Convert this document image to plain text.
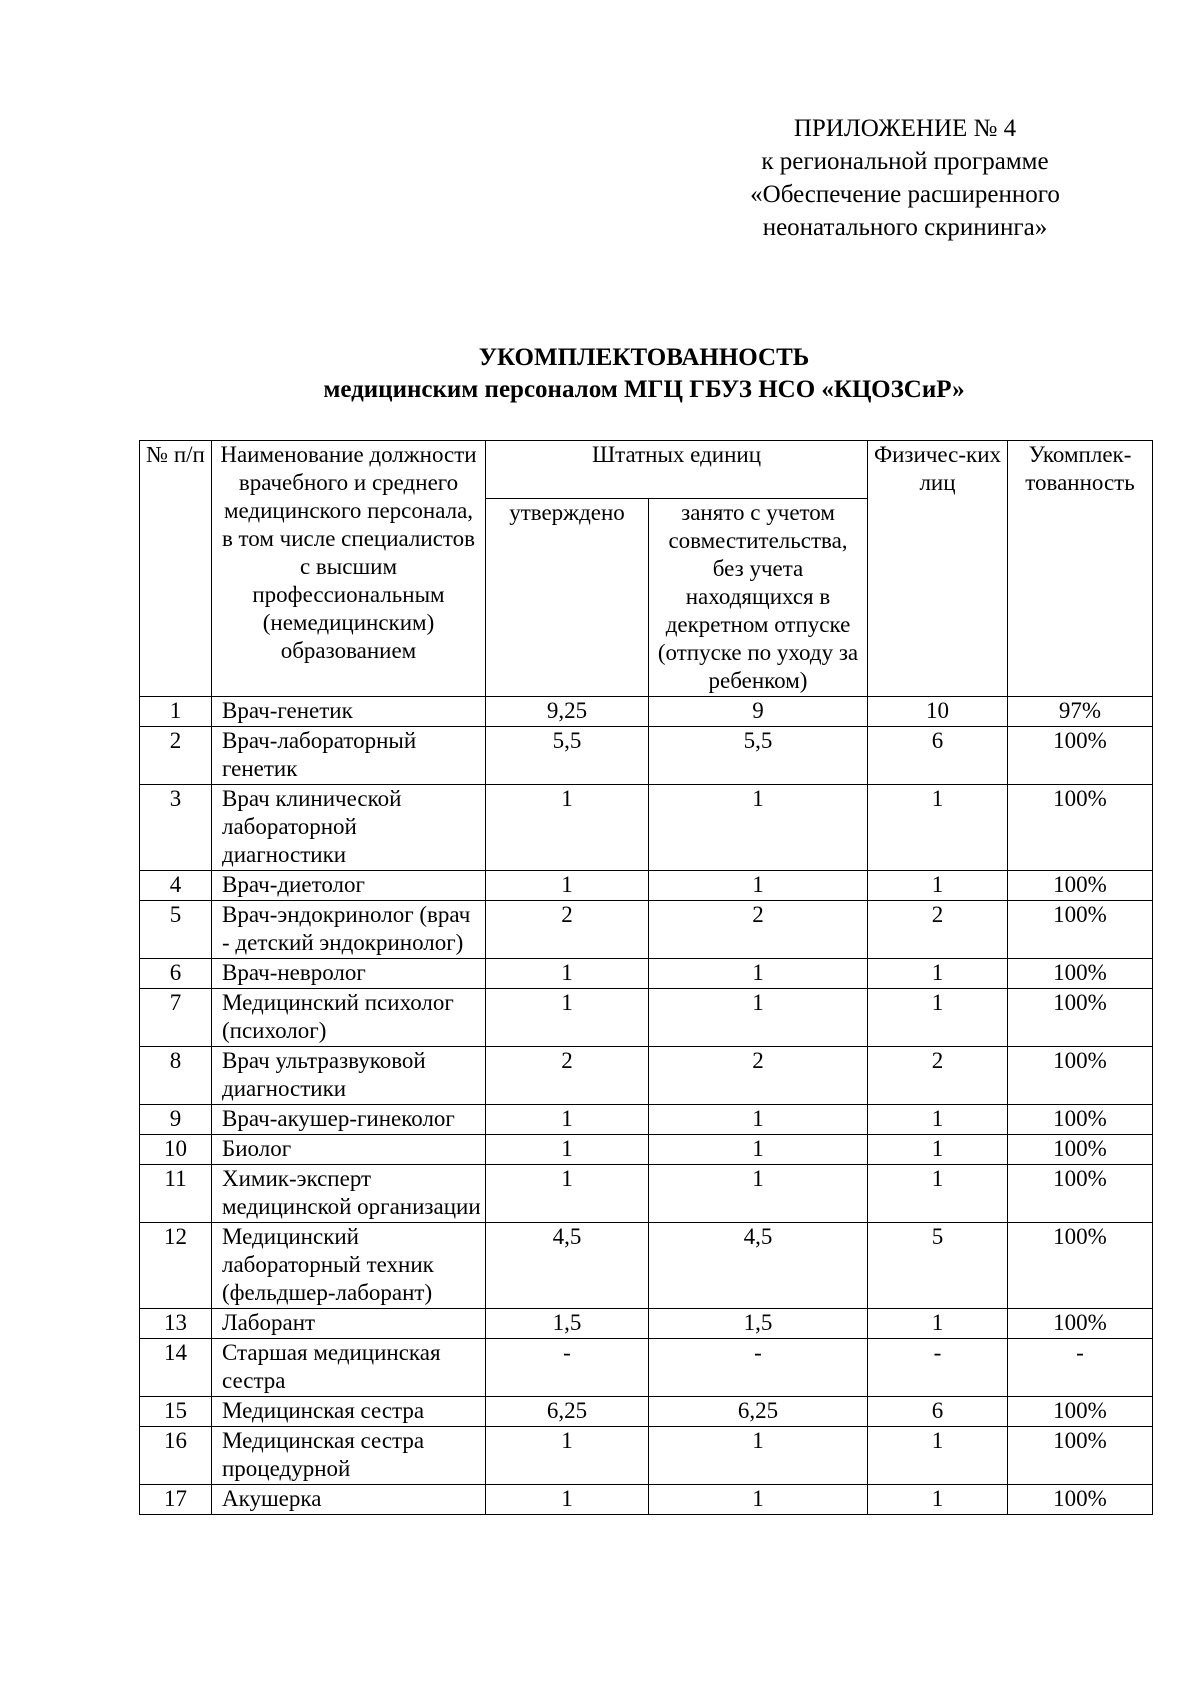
ПРИЛОЖЕНИЕ № 4
к региональной программе
«Обеспечение расширенного
неонатального скрининга»
УКОМПЛЕКТОВАННОСТЬ
медицинским персоналом МГЦ ГБУЗ НСО «КЦОЗСиР»
№ п/п	Наименование должности врачебного и среднего медицинского персонала, в том числе специалистов с высшим профессиональным (немедицинским) образованием	Штатных единиц		Физичес-ких лиц	Укомплек-тованность
		утверждено	занято с учетом совместительства, без учета находящихся в декретном отпуске (отпуске по уходу за ребенком)		
1	Врач-генетик	9,25	9	10	97%
2	Врач-лабораторный генетик	5,5	5,5	6	100%
3	Врач клинической лабораторной диагностики	1	1	1	100%
4	Врач-диетолог	1	1	1	100%
5	Врач-эндокринолог (врач - детский эндокринолог)	2	2	2	100%
6	Врач-невролог	1	1	1	100%
7	Медицинский психолог (психолог)	1	1	1	100%
8	Врач ультразвуковой диагностики	2	2	2	100%
9	Врач-акушер-гинеколог	1	1	1	100%
10	Биолог	1	1	1	100%
11	Химик-эксперт медицинской организации	1	1	1	100%
12	Медицинский лабораторный техник (фельдшер-лаборант)	4,5	4,5	5	100%
13	Лаборант	1,5	1,5	1	100%
14	Старшая медицинская сестра	-	-	-	-
15	Медицинская сестра	6,25	6,25	6	100%
16	Медицинская сестра процедурной	1	1	1	100%
17	Акушерка	1	1	1	100%
